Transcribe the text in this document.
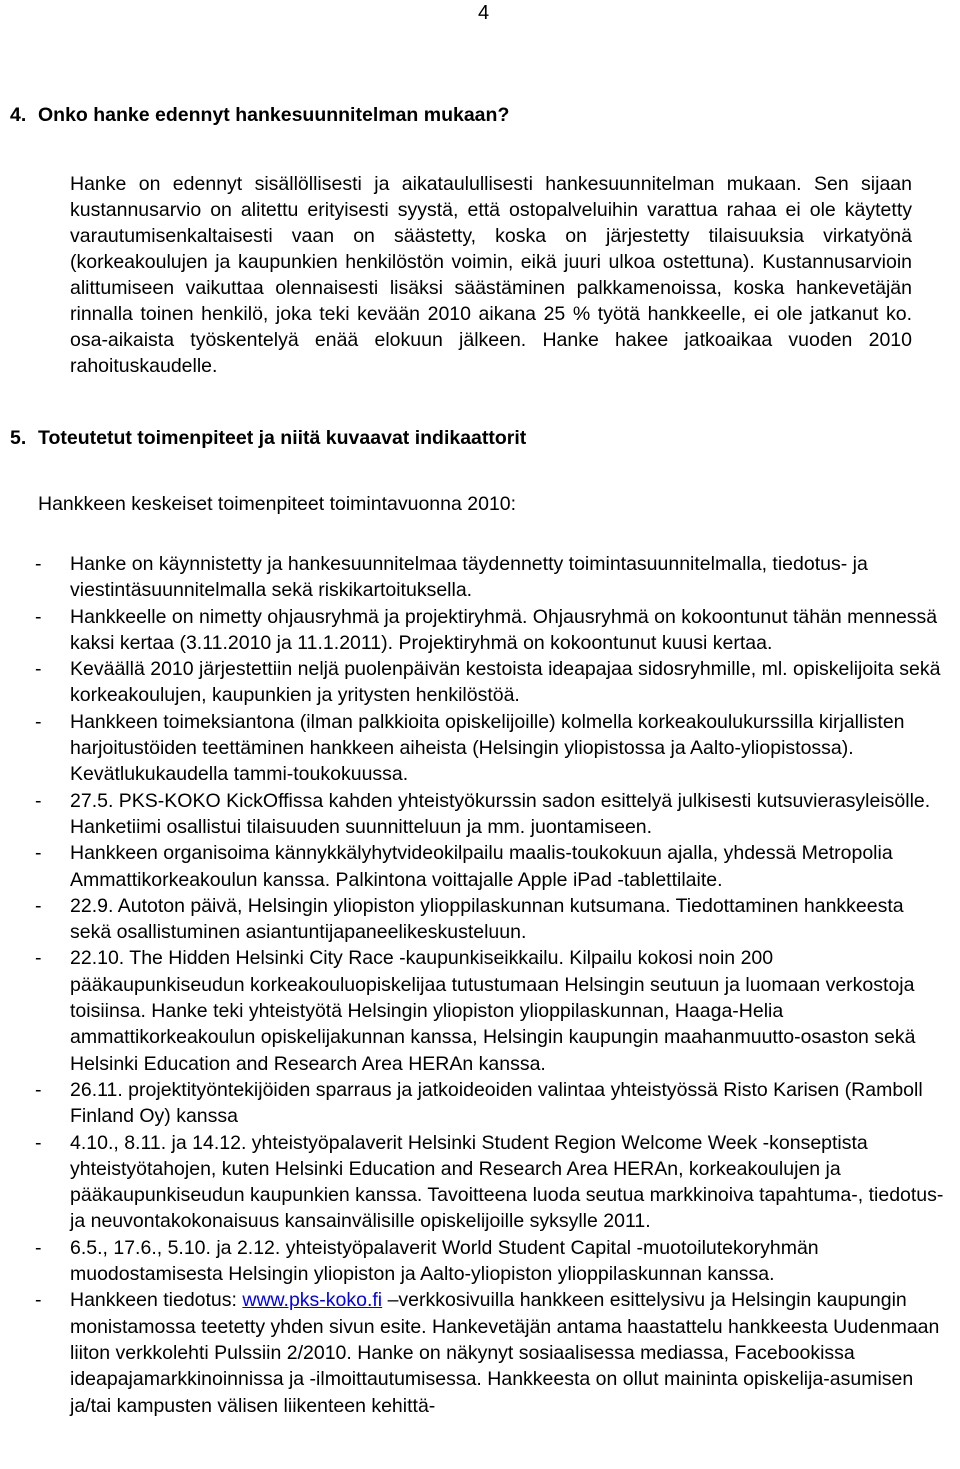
4
4. Onko hanke edennyt hankesuunnitelman mukaan?

Hanke on edennyt sisällöllisesti ja aikataulullisesti hankesuunnitelman mukaan. Sen sijaan kustannusarvio on alitettu erityisesti syystä, että ostopalveluihin varattua rahaa ei ole käytetty varautumisenkaltaisesti vaan on säästetty, koska on järjestetty tilaisuuksia virkatyönä (korkeakoulujen ja kaupunkien henkilöstön voimin, eikä juuri ulkoa ostettuna). Kustannusarvioin alittumiseen vaikuttaa olennaisesti lisäksi säästäminen palkkamenoissa, koska hankevetäjän rinnalla toinen henkilö, joka teki kevään 2010 aikana 25 % työtä hankkeelle, ei ole jatkanut ko. osa-aikaista työskentelyä enää elokuun jälkeen. Hanke hakee jatkoaikaa vuoden 2010 rahoituskaudelle.

5. Toteutetut toimenpiteet ja niitä kuvaavat indikaattorit

Hankkeen keskeiset toimenpiteet toimintavuonna 2010:

- Hanke on käynnistetty ja hankesuunnitelmaa täydennetty toimintasuunnitelmalla, tiedotus- ja viestintäsuunnitelmalla sekä riskikartoituksella.
- Hankkeelle on nimetty ohjausryhmä ja projektiryhmä. Ohjausryhmä on kokoontunut tähän mennessä kaksi kertaa (3.11.2010 ja 11.1.2011). Projektiryhmä on kokoontunut kuusi kertaa.
- Keväällä 2010 järjestettiin neljä puolenpäivän kestoista ideapajaa sidosryhmille, ml. opiskelijoita sekä korkeakoulujen, kaupunkien ja yritysten henkilöstöä.
- Hankkeen toimeksiantona (ilman palkkioita opiskelijoille) kolmella korkeakoulukurssilla kirjallisten harjoitustöiden teettäminen hankkeen aiheista (Helsingin yliopistossa ja Aalto-yliopistossa). Kevätlukukaudella tammi-toukokuussa.
- 27.5. PKS-KOKO KickOffissa kahden yhteistyökurssin sadon esittelyä julkisesti kutsuvierasyleisölle. Hanketiimi osallistui tilaisuuden suunnitteluun ja mm. juontamiseen.
- Hankkeen organisoima kännykkälyhytvideokilpailu maalis-toukokuun ajalla, yhdessä Metropolia Ammattikorkeakoulun kanssa. Palkintona voittajalle Apple iPad -tablettilaite.
- 22.9. Autoton päivä, Helsingin yliopiston ylioppilaskunnan kutsumana. Tiedottaminen hankkeesta sekä osallistuminen asiantuntijapaneelikeskusteluun.
- 22.10. The Hidden Helsinki City Race -kaupunkiseikkailu. Kilpailu kokosi noin 200 pääkaupunkiseudun korkeakouluopiskelijaa tutustumaan Helsingin seutuun ja luomaan verkostoja toisiinsa. Hanke teki yhteistyötä Helsingin yliopiston ylioppilaskunnan, Haaga-Helia ammattikorkeakoulun opiskelijakunnan kanssa, Helsingin kaupungin maahanmuutto-osaston sekä Helsinki Education and Research Area HERAn kanssa.
- 26.11. projektityöntekijöiden sparraus ja jatkoideoiden valintaa yhteistyössä Risto Karisen (Ramboll Finland Oy) kanssa
- 4.10., 8.11. ja 14.12. yhteistyöpalaverit Helsinki Student Region Welcome Week -konseptista yhteistyötahojen, kuten Helsinki Education and Research Area HERAn, korkeakoulujen ja pääkaupunkiseudun kaupunkien kanssa. Tavoitteena luoda seutua markkinoiva tapahtuma-, tiedotus- ja neuvontakokonaisuus kansainvälisille opiskelijoille syksylle 2011.
- 6.5., 17.6., 5.10. ja 2.12. yhteistyöpalaverit World Student Capital -muotoilutekoryhmän muodostamisesta Helsingin yliopiston ja Aalto-yliopiston ylioppilaskunnan kanssa.
- Hankkeen tiedotus: www.pks-koko.fi –verkkosivuilla hankkeen esittelysivu ja Helsingin kaupungin monistamossa teetetty yhden sivun esite. Hankevetäjän antama haastattelu hankkeesta Uudenmaan liiton verkkolehti Pulssiin 2/2010. Hanke on näkynyt sosiaalisessa mediassa, Facebookissa ideapajamarkkinoinnissa ja -ilmoittautumisessa. Hankkeesta on ollut maininta opiskelija-asumisen ja/tai kampusten välisen liikenteen kehittä-
